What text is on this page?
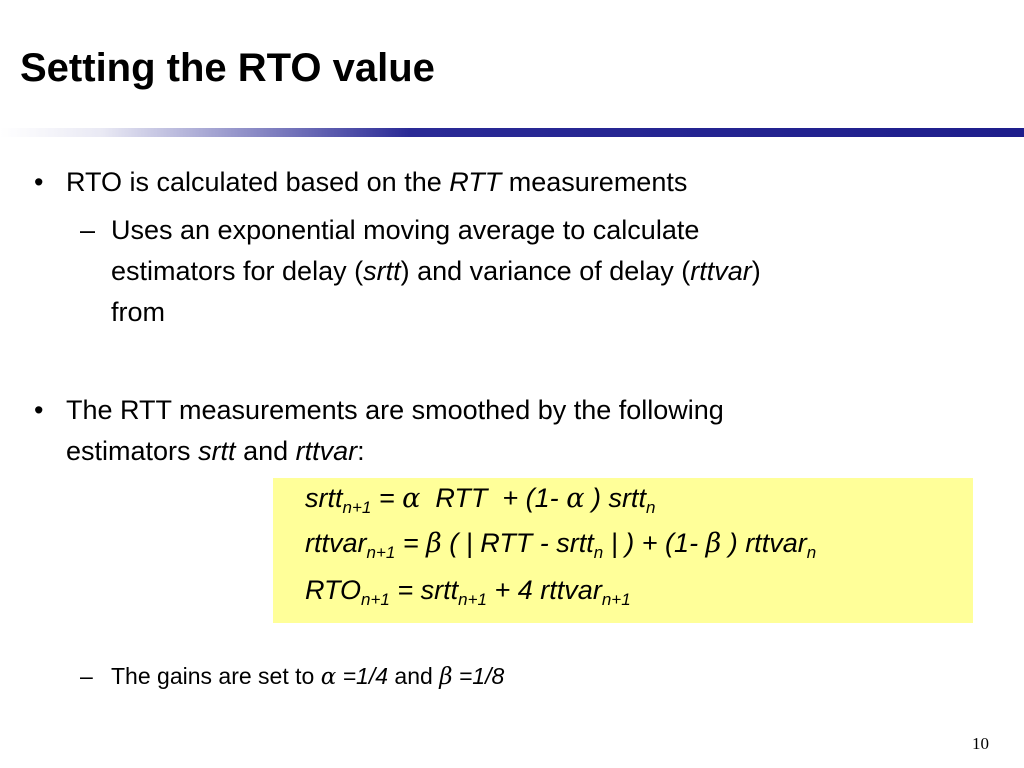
Setting the RTO value
• RTO is calculated based on the RTT measurements
– Uses an exponential moving average to calculate
estimators for delay (srtt) and variance of delay (rttvar)
from
• The RTT measurements are smoothed by the following
estimators srtt and rttvar:
srtt$_{n+1}$ = α RTT  + (1- α ) srtt$_n$
rttvar$_{n+1}$ = β ( | RTT - srtt$_n$ | ) + (1- β ) rttvar$_n$
$RTO_{n+1}$ = srtt$_{n+1}$ + 4 rttvar$_{n+1}$
– The gains are set to α =1/4 and β =1/8
10
